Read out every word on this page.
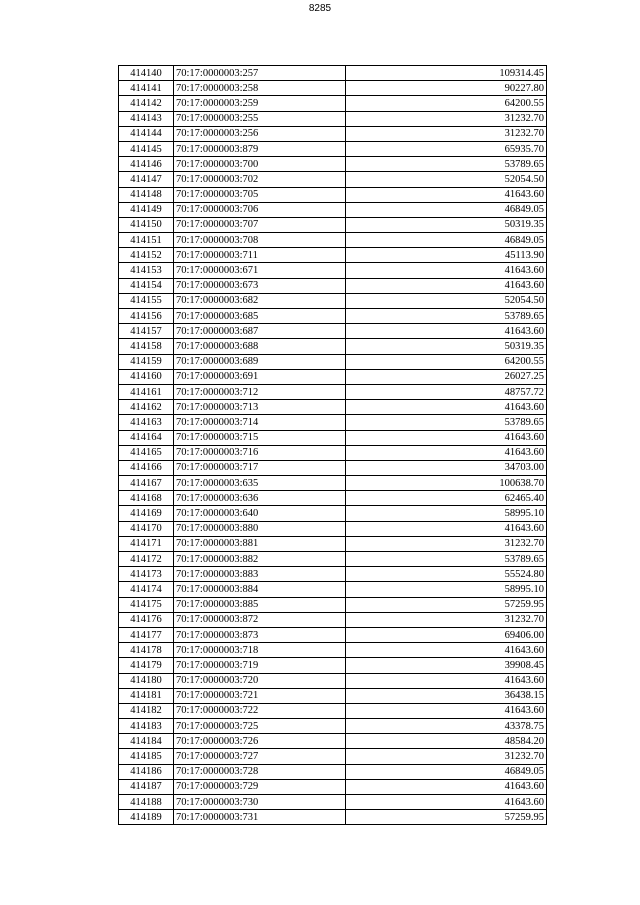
8285
414140	70:17:0000003:257	109314.45
414141	70:17:0000003:258	90227.80
414142	70:17:0000003:259	64200.55
414143	70:17:0000003:255	31232.70
414144	70:17:0000003:256	31232.70
414145	70:17:0000003:879	65935.70
414146	70:17:0000003:700	53789.65
414147	70:17:0000003:702	52054.50
414148	70:17:0000003:705	41643.60
414149	70:17:0000003:706	46849.05
414150	70:17:0000003:707	50319.35
414151	70:17:0000003:708	46849.05
414152	70:17:0000003:711	45113.90
414153	70:17:0000003:671	41643.60
414154	70:17:0000003:673	41643.60
414155	70:17:0000003:682	52054.50
414156	70:17:0000003:685	53789.65
414157	70:17:0000003:687	41643.60
414158	70:17:0000003:688	50319.35
414159	70:17:0000003:689	64200.55
414160	70:17:0000003:691	26027.25
414161	70:17:0000003:712	48757.72
414162	70:17:0000003:713	41643.60
414163	70:17:0000003:714	53789.65
414164	70:17:0000003:715	41643.60
414165	70:17:0000003:716	41643.60
414166	70:17:0000003:717	34703.00
414167	70:17:0000003:635	100638.70
414168	70:17:0000003:636	62465.40
414169	70:17:0000003:640	58995.10
414170	70:17:0000003:880	41643.60
414171	70:17:0000003:881	31232.70
414172	70:17:0000003:882	53789.65
414173	70:17:0000003:883	55524.80
414174	70:17:0000003:884	58995.10
414175	70:17:0000003:885	57259.95
414176	70:17:0000003:872	31232.70
414177	70:17:0000003:873	69406.00
414178	70:17:0000003:718	41643.60
414179	70:17:0000003:719	39908.45
414180	70:17:0000003:720	41643.60
414181	70:17:0000003:721	36438.15
414182	70:17:0000003:722	41643.60
414183	70:17:0000003:725	43378.75
414184	70:17:0000003:726	48584.20
414185	70:17:0000003:727	31232.70
414186	70:17:0000003:728	46849.05
414187	70:17:0000003:729	41643.60
414188	70:17:0000003:730	41643.60
414189	70:17:0000003:731	57259.95
